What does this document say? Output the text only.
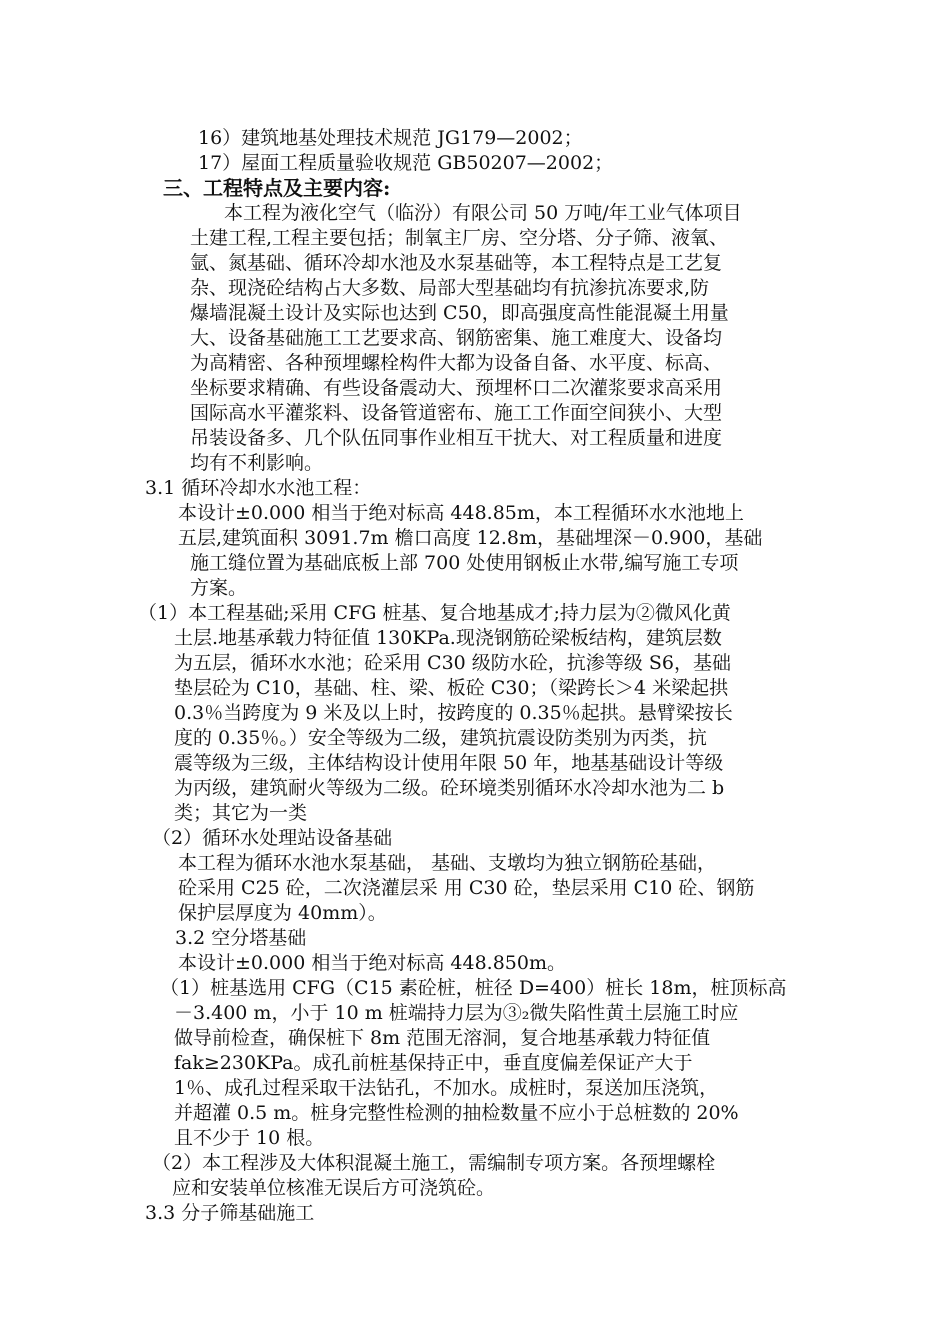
16）建筑地基处理技术规范 JG179—2002；
17）屋面工程质量验收规范 GB50207—2002；
三、工程特点及主要内容:
本工程为液化空气（临汾）有限公司 50 万吨/年工业气体项目
土建工程,工程主要包括；制氧主厂房、空分塔、分子筛、液氧、
氩、氮基础、循环冷却水池及水泵基础等，本工程特点是工艺复
杂、现浇砼结构占大多数、局部大型基础均有抗渗抗冻要求,防
爆墙混凝土设计及实际也达到 C50，即高强度高性能混凝土用量
大、设备基础施工工艺要求高、钢筋密集、施工难度大、设备均
为高精密、各种预埋螺栓构件大都为设备自备、水平度、标高、
坐标要求精确、有些设备震动大、预埋杯口二次灌浆要求高采用
国际高水平灌浆料、设备管道密布、施工工作面空间狭小、大型
吊装设备多、几个队伍同事作业相互干扰大、对工程质量和进度
均有不利影响。
3.1 循环冷却水水池工程：
本设计±0.000 相当于绝对标高 448.85m，本工程循环水水池地上
五层,建筑面积 3091.7m 檐口高度 12.8m，基础埋深－0.900，基础
施工缝位置为基础底板上部 700 处使用钢板止水带,编写施工专项
方案。
（1）本工程基础;采用 CFG 桩基、复合地基成才;持力层为②微风化黄
土层.地基承载力特征值 130KPa.现浇钢筋砼梁板结构，建筑层数
为五层，循环水水池；砼采用 C30 级防水砼，抗渗等级 S6，基础
垫层砼为 C10，基础、柱、梁、板砼 C30；（梁跨长＞4 米梁起拱
0.3％当跨度为 9 米及以上时，按跨度的 0.35％起拱。悬臂梁按长
度的 0.35％。）安全等级为二级，建筑抗震设防类别为丙类，抗
震等级为三级，主体结构设计使用年限 50 年，地基基础设计等级
为丙级，建筑耐火等级为二级。砼环境类别循环水冷却水池为二 b
类；其它为一类
（2）循环水处理站设备基础
本工程为循环水池水泵基础， 基础、支墩均为独立钢筋砼基础，
砼采用 C25 砼，二次浇灌层采 用 C30 砼，垫层采用 C10 砼、钢筋
保护层厚度为 40mm）。
3.2 空分塔基础
本设计±0.000 相当于绝对标高 448.850m。
（1）桩基选用 CFG（C15 素砼桩，桩径 D=400）桩长 18m，桩顶标高
－3.400 m，小于 10 m 桩端持力层为③₂微失陷性黄土层施工时应
做导前检查，确保桩下 8m 范围无溶洞，复合地基承载力特征值
fak≥230KPa。成孔前桩基保持正中，垂直度偏差保证产大于
1％、成孔过程采取干法钻孔，不加水。成桩时，泵送加压浇筑，
并超灌 0.5 m。桩身完整性检测的抽检数量不应小于总桩数的 20%
且不少于 10 根。
（2）本工程涉及大体积混凝土施工，需编制专项方案。各预埋螺栓
应和安装单位核准无误后方可浇筑砼。
3.3 分子筛基础施工
